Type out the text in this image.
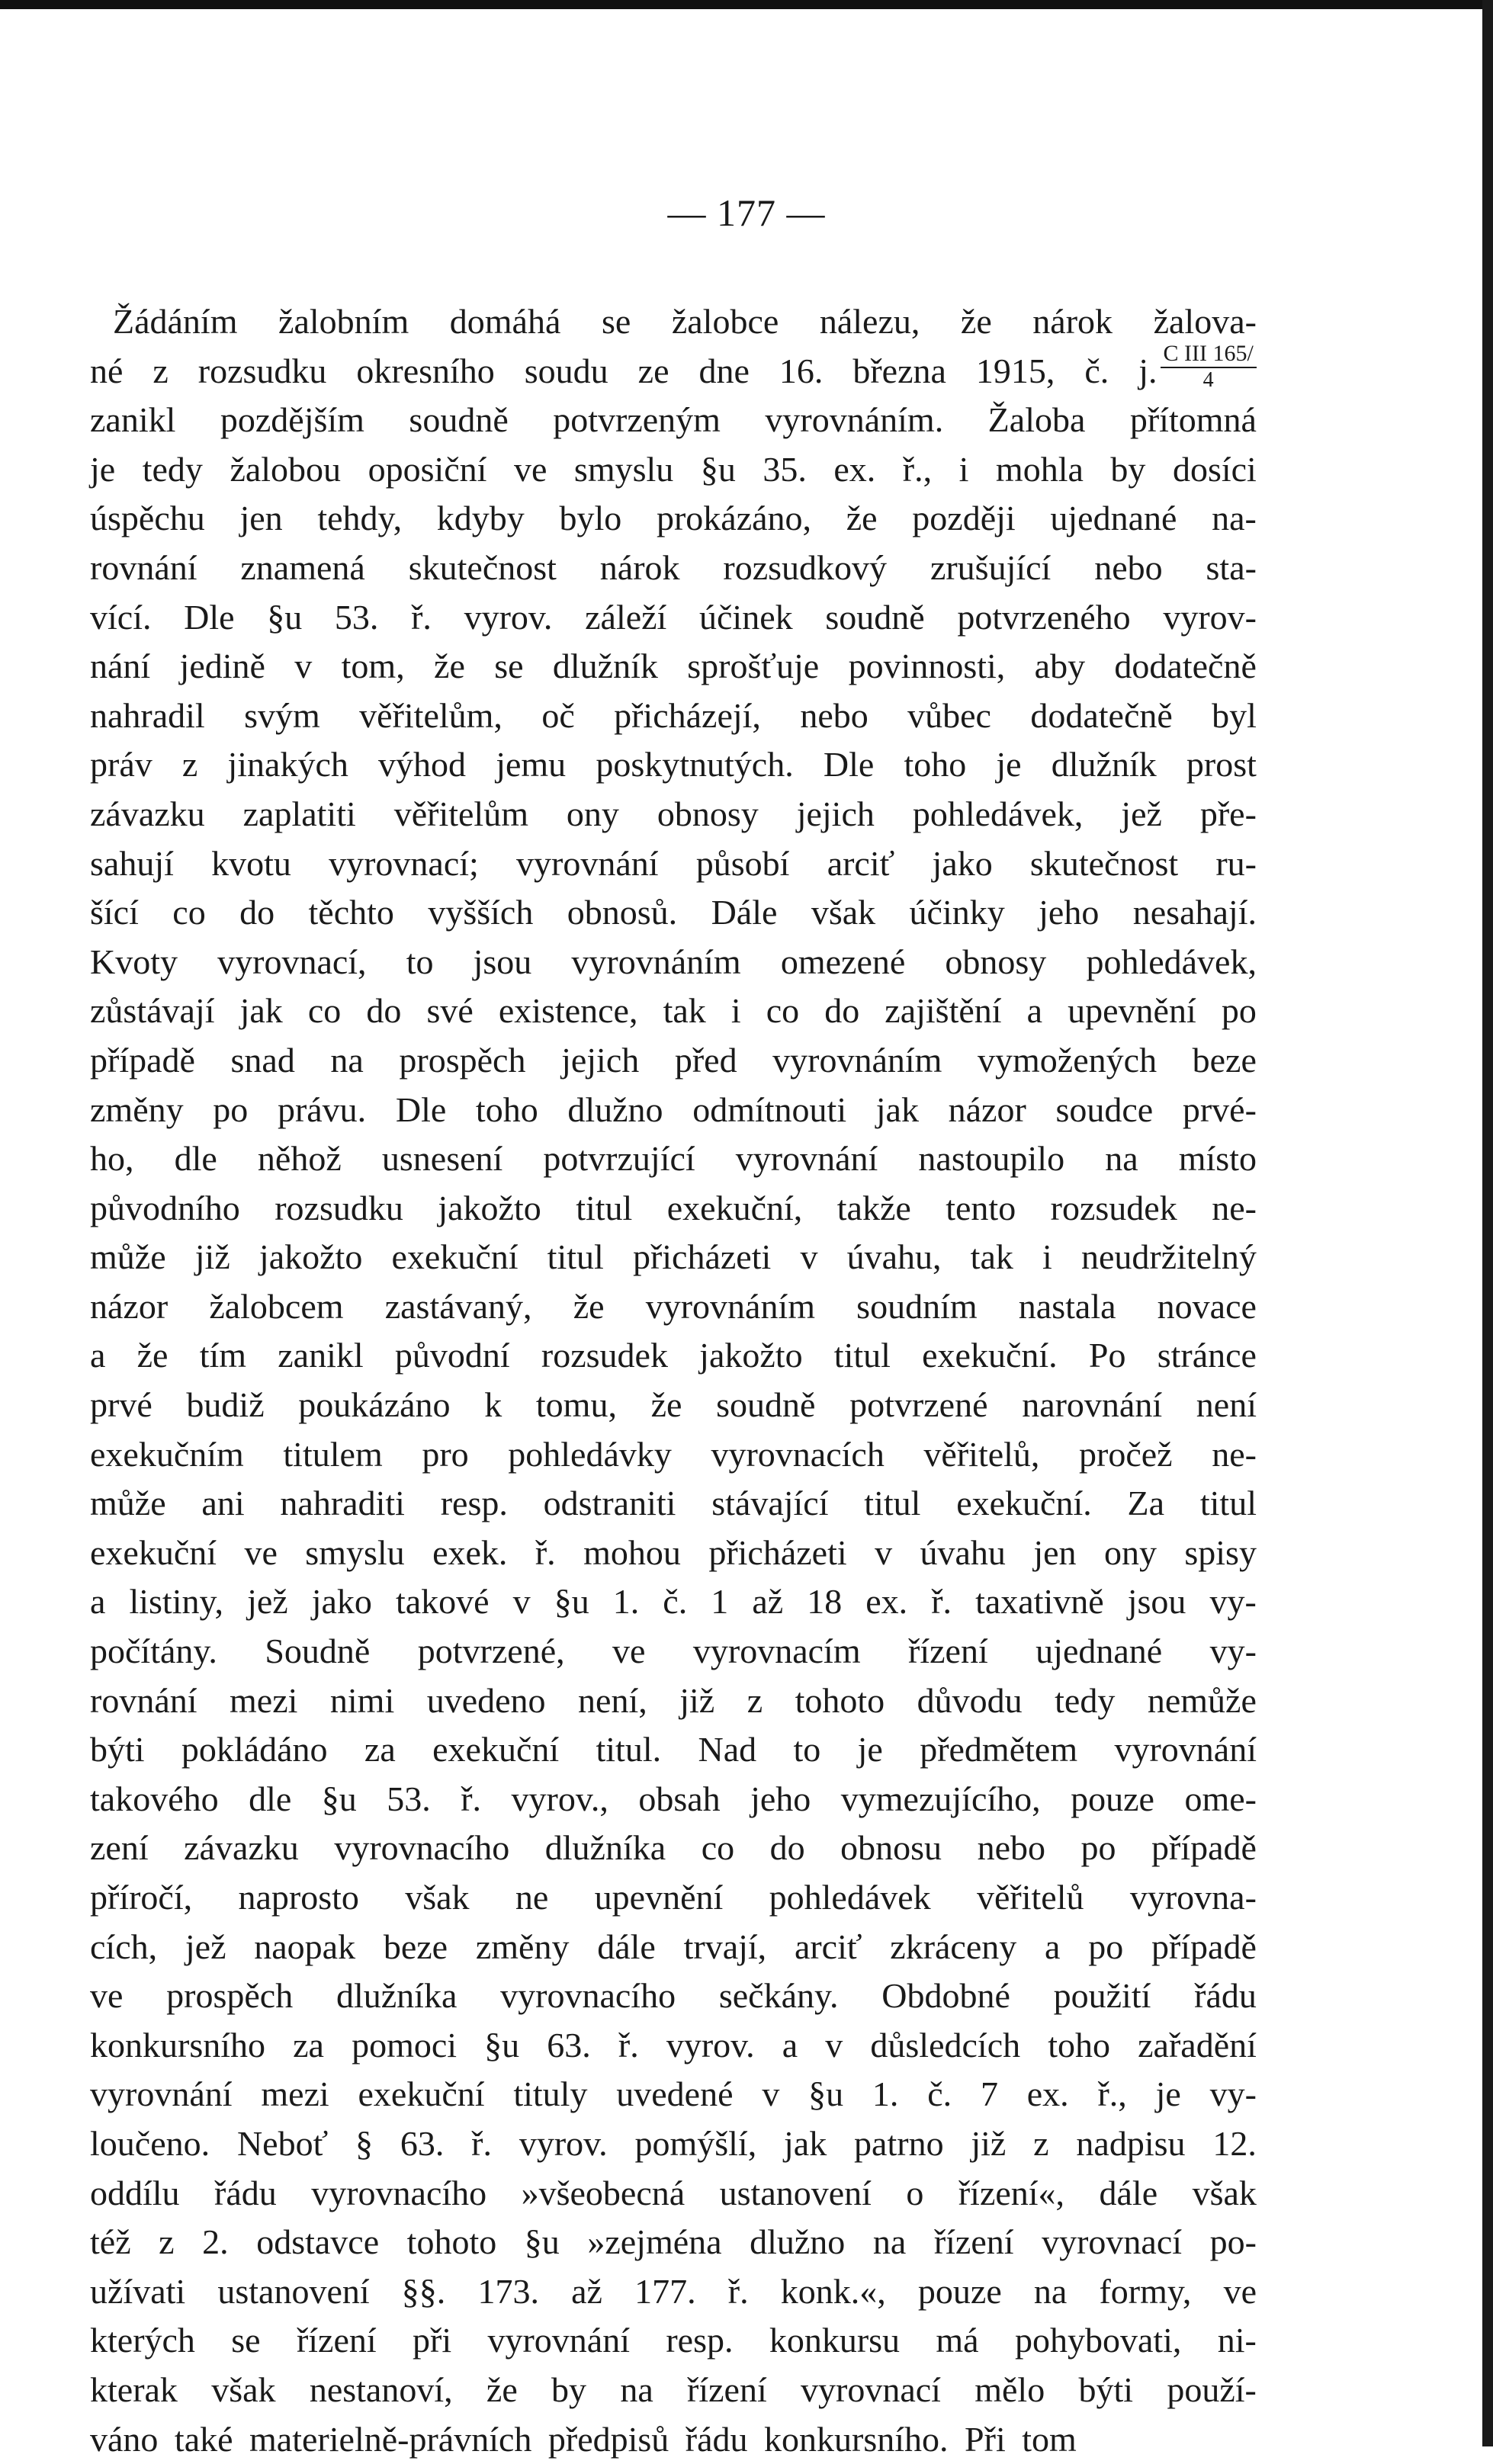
— 177 —
Žádáním žalobním domáhá se žalobce nálezu, že nárok žalova-
né z rozsudku okresního soudu ze dne 16. března 1915, č. j. $\frac{\text{C III 165/}}{4}$
zanikl pozdějším soudně potvrzeným vyrovnáním. Žaloba přítomná
je tedy žalobou oposiční ve smyslu §u 35. ex. ř., i mohla by dosíci
úspěchu jen tehdy, kdyby bylo prokázáno, že později ujednané na-
rovnání znamená skutečnost nárok rozsudkový zrušující nebo sta-
vící. Dle §u 53. ř. vyrov. záleží účinek soudně potvrzeného vyrov-
nání jedině v tom, že se dlužník sprošťuje povinnosti, aby dodatečně
nahradil svým věřitelům, oč přicházejí, nebo vůbec dodatečně byl
práv z jinakých výhod jemu poskytnutých. Dle toho je dlužník prost
závazku zaplatiti věřitelům ony obnosy jejich pohledávek, jež pře-
sahují kvotu vyrovnací; vyrovnání působí arciť jako skutečnost ru-
šící co do těchto vyšších obnosů. Dále však účinky jeho nesahají.
Kvoty vyrovnací, to jsou vyrovnáním omezené obnosy pohledávek,
zůstávají jak co do své existence, tak i co do zajištění a upevnění po
případě snad na prospěch jejich před vyrovnáním vymožených beze
změny po právu. Dle toho dlužno odmítnouti jak názor soudce prvé-
ho, dle něhož usnesení potvrzující vyrovnání nastoupilo na místo
původního rozsudku jakožto titul exekuční, takže tento rozsudek ne-
může již jakožto exekuční titul přicházeti v úvahu, tak i neudržitelný
názor žalobcem zastávaný, že vyrovnáním soudním nastala novace
a že tím zanikl původní rozsudek jakožto titul exekuční. Po stránce
prvé budiž poukázáno k tomu, že soudně potvrzené narovnání není
exekučním titulem pro pohledávky vyrovnacích věřitelů, pročež ne-
může ani nahraditi resp. odstraniti stávající titul exekuční. Za titul
exekuční ve smyslu exek. ř. mohou přicházeti v úvahu jen ony spisy
a listiny, jež jako takové v §u 1. č. 1 až 18 ex. ř. taxativně jsou vy-
počítány. Soudně potvrzené, ve vyrovnacím řízení ujednané vy-
rovnání mezi nimi uvedeno není, již z tohoto důvodu tedy nemůže
býti pokládáno za exekuční titul. Nad to je předmětem vyrovnání
takového dle §u 53. ř. vyrov., obsah jeho vymezujícího, pouze ome-
zení závazku vyrovnacího dlužníka co do obnosu nebo po případě
příročí, naprosto však ne upevnění pohledávek věřitelů vyrovna-
cích, jež naopak beze změny dále trvají, arciť zkráceny a po případě
ve prospěch dlužníka vyrovnacího sečkány. Obdobné použití řádu
konkursního za pomoci §u 63. ř. vyrov. a v důsledcích toho zařadění
vyrovnání mezi exekuční tituly uvedené v §u 1. č. 7 ex. ř., je vy-
loučeno. Neboť § 63. ř. vyrov. pomýšlí, jak patrno již z nadpisu 12.
oddílu řádu vyrovnacího »všeobecná ustanovení o řízení«, dále však
též z 2. odstavce tohoto §u »zejména dlužno na řízení vyrovnací po-
užívati ustanovení §§. 173. až 177. ř. konk.«, pouze na formy, ve
kterých se řízení při vyrovnání resp. konkursu má pohybovati, ni-
kterak však nestanoví, že by na řízení vyrovnací mělo býti použí-
váno také materielně-právních předpisů řádu konkursního. Při tom
